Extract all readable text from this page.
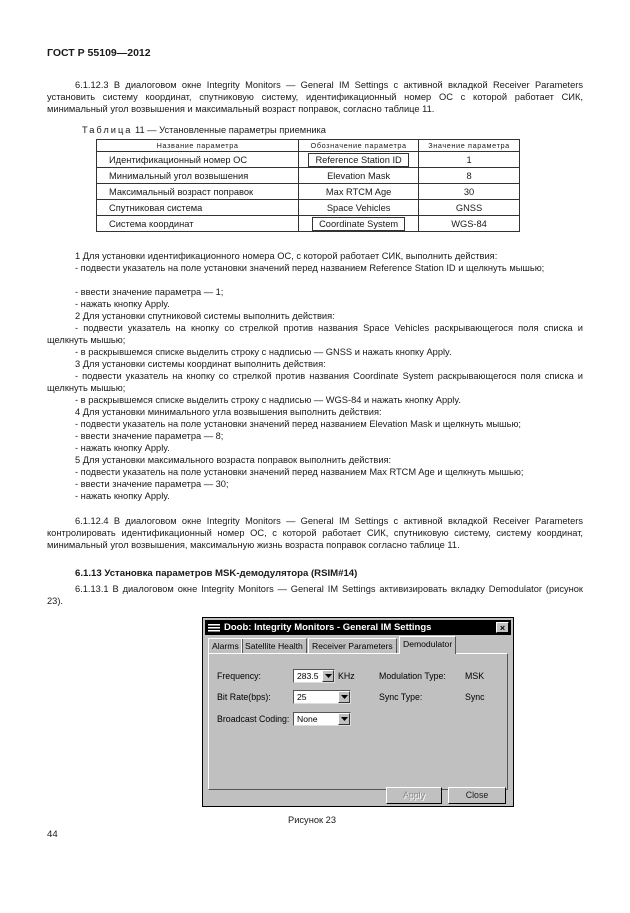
ГОСТ Р 55109—2012
6.1.12.3 В диалоговом окне Integrity Monitors — General IM Settings с активной вкладкой Receiver Parameters установить систему координат, спутниковую систему, идентификационный номер ОС с которой работает СИК, минимальный угол возвышения и максимальный возраст поправок, согласно таблице 11.
Таблица 11 — Установленные параметры приемника
Название параметра	Обозначение параметра	Значение параметра
Идентификационный номер ОС	Reference Station ID	1
Минимальный угол возвышения	Elevation Mask	8
Максимальный возраст поправок	Max RTCM Age	30
Спутниковая система	Space Vehicles	GNSS
Система координат	Coordinate System	WGS-84
1 Для установки идентификационного номера ОС, с которой работает СИК, выполнить действия:
- подвести указатель на поле установки значений перед названием Reference Station ID и щелкнуть мышью;
- ввести значение параметра — 1;
- нажать кнопку Apply.
2 Для установки спутниковой системы выполнить действия:
- подвести указатель на кнопку со стрелкой против названия Space Vehicles раскрывающегося поля списка и щелкнуть мышью;
- в раскрывшемся списке выделить строку с надписью — GNSS и нажать кнопку Apply.
3 Для установки системы координат выполнить действия:
- подвести указатель на кнопку со стрелкой против названия Coordinate System раскрывающегося поля списка и щелкнуть мышью;
- в раскрывшемся списке выделить строку с надписью — WGS-84 и нажать кнопку Apply.
4 Для установки минимального угла возвышения выполнить действия:
- подвести указатель на поле установки значений перед названием Elevation Mask и щелкнуть мышью;
- ввести значение параметра — 8;
- нажать кнопку Apply.
5 Для установки максимального возраста поправок выполнить действия:
- подвести указатель на поле установки значений перед названием Max RTCM Age и щелкнуть мышью;
- ввести значение параметра — 30;
- нажать кнопку Apply.
6.1.12.4 В диалоговом окне Integrity Monitors — General IM Settings с активной вкладкой Receiver Parameters контролировать идентификационный номер ОС, с которой работает СИК, спутниковую систему, систему координат, минимальный угол возвышения, максимальную жизнь возраста поправок согласно таблице 11.
6.1.13 Установка параметров MSK-демодулятора (RSIM#14)
6.1.13.1 В диалоговом окне Integrity Monitors — General IM Settings активизировать вкладку Demodulator (рисунок 23).
Doob: Integrity Monitors - General IM Settings	×
Alarms Satellite Health	Receiver Parameters	Demodulator
Frequency:	283.5	KHz
Bit Rate(bps):	25
Broadcast Coding: None
Modulation Type: MSK
Sync Type:	Sync
Apply	Close
Рисунок 23
44
